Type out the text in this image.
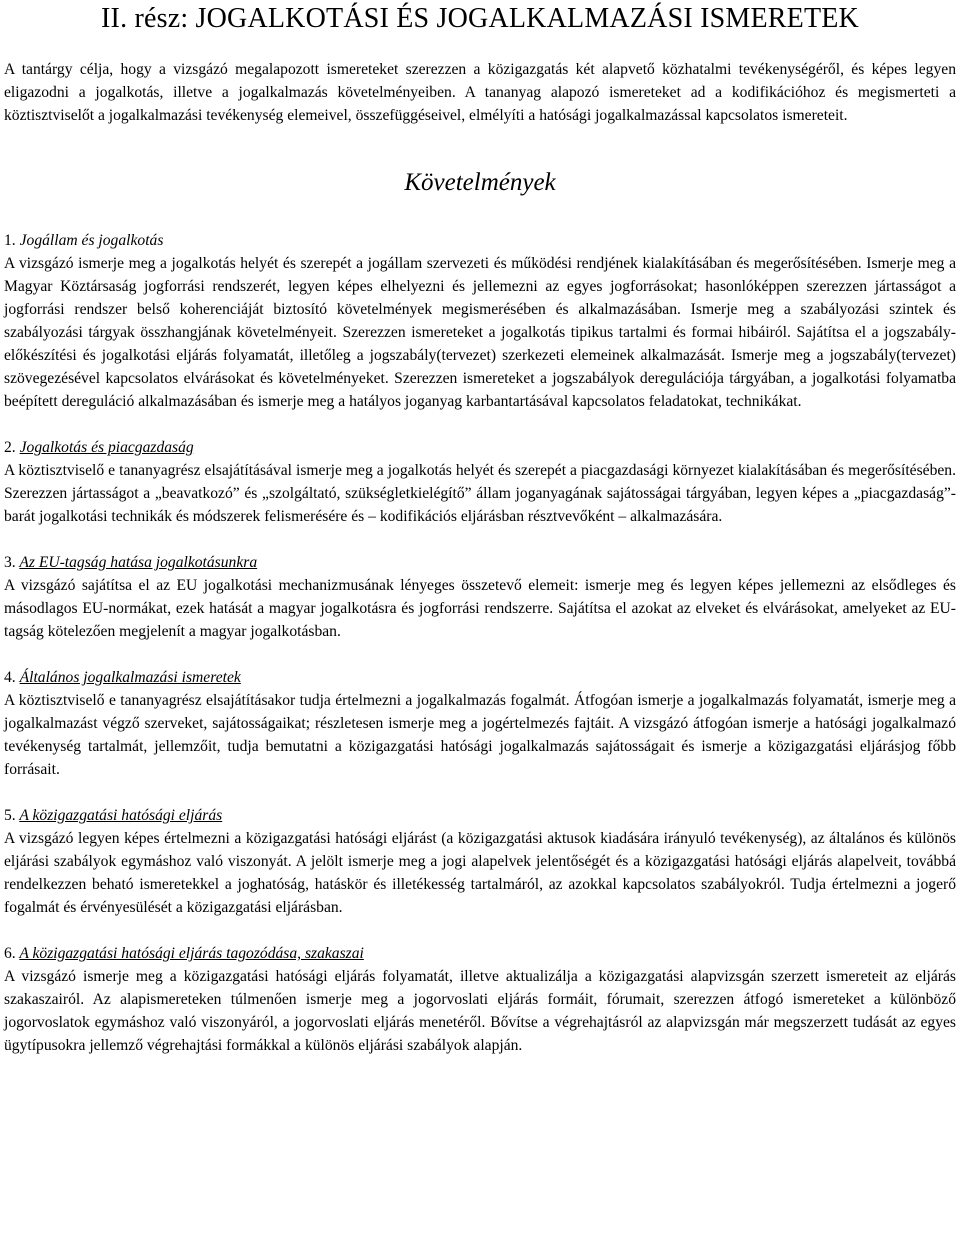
II. rész: JOGALKOTÁSI ÉS JOGALKALMAZÁSI ISMERETEK

A tantárgy célja, hogy a vizsgázó megalapozott ismereteket szerezzen a közigazgatás két alapvető közhatalmi tevékenységéről, és képes legyen eligazodni a jogalkotás, illetve a jogalkalmazás követelményeiben. A tananyag alapozó ismereteket ad a kodifikációhoz és megismerteti a köztisztviselőt a jogalkalmazási tevékenység elemeivel, összefüggéseivel, elmélyíti a hatósági jogalkalmazással kapcsolatos ismereteit.

Követelmények
1. Jogállam és jogalkotás

A vizsgázó ismerje meg a jogalkotás helyét és szerepét a jogállam szervezeti és működési rendjének kialakításában és megerősítésében. Ismerje meg a Magyar Köztársaság jogforrási rendszerét, legyen képes elhelyezni és jellemezni az egyes jogforrásokat; hasonlóképpen szerezzen jártasságot a jogforrási rendszer belső koherenciáját biztosító követelmények megismerésében és alkalmazásában. Ismerje meg a szabályozási szintek és szabályozási tárgyak összhangjának követelményeit. Szerezzen ismereteket a jogalkotás tipikus tartalmi és formai hibáiról. Sajátítsa el a jogszabály-előkészítési és jogalkotási eljárás folyamatát, illetőleg a jogszabály(tervezet) szerkezeti elemeinek alkalmazását. Ismerje meg a jogszabály(tervezet) szövegezésével kapcsolatos elvárásokat és követelményeket. Szerezzen ismereteket a jogszabályok deregulációja tárgyában, a jogalkotási folyamatba beépített dereguláció alkalmazásában és ismerje meg a hatályos joganyag karbantartásával kapcsolatos feladatokat, technikákat.

2. Jogalkotás és piacgazdaság

A köztisztviselő e tananyagrész elsajátításával ismerje meg a jogalkotás helyét és szerepét a piacgazdasági környezet kialakításában és megerősítésében. Szerezzen jártasságot a „beavatkozó” és „szolgáltató, szükségletkielégítő” állam joganyagának sajátosságai tárgyában, legyen képes a „piacgazdaság”-barát jogalkotási technikák és módszerek felismerésére és – kodifikációs eljárásban résztvevőként – alkalmazására.

3. Az EU-tagság hatása jogalkotásunkra

A vizsgázó sajátítsa el az EU jogalkotási mechanizmusának lényeges összetevő elemeit: ismerje meg és legyen képes jellemezni az elsődleges és másodlagos EU-normákat, ezek hatását a magyar jogalkotásra és jogforrási rendszerre. Sajátítsa el azokat az elveket és elvárásokat, amelyeket az EU-tagság kötelezően megjelenít a magyar jogalkotásban.

4. Általános jogalkalmazási ismeretek

A köztisztviselő e tananyagrész elsajátításakor tudja értelmezni a jogalkalmazás fogalmát. Átfogóan ismerje a jogalkalmazás folyamatát, ismerje meg a jogalkalmazást végző szerveket, sajátosságaikat; részletesen ismerje meg a jogértelmezés fajtáit. A vizsgázó átfogóan ismerje a hatósági jogalkalmazó tevékenység tartalmát, jellemzőit, tudja bemutatni a közigazgatási hatósági jogalkalmazás sajátosságait és ismerje a közigazgatási eljárásjog főbb forrásait.

5. A közigazgatási hatósági eljárás

A vizsgázó legyen képes értelmezni a közigazgatási hatósági eljárást (a közigazgatási aktusok kiadására irányuló tevékenység), az általános és különös eljárási szabályok egymáshoz való viszonyát. A jelölt ismerje meg a jogi alapelvek jelentőségét és a közigazgatási hatósági eljárás alapelveit, továbbá rendelkezzen beható ismeretekkel a joghatóság, hatáskör és illetékesség tartalmáról, az azokkal kapcsolatos szabályokról. Tudja értelmezni a jogerő fogalmát és érvényesülését a közigazgatási eljárásban.

6. A közigazgatási hatósági eljárás tagozódása, szakaszai

A vizsgázó ismerje meg a közigazgatási hatósági eljárás folyamatát, illetve aktualizálja a közigazgatási alapvizsgán szerzett ismereteit az eljárás szakaszairól. Az alapismereteken túlmenően ismerje meg a jogorvoslati eljárás formáit, fórumait, szerezzen átfogó ismereteket a különböző jogorvoslatok egymáshoz való viszonyáról, a jogorvoslati eljárás menetéről. Bővítse a végrehajtásról az alapvizsgán már megszerzett tudását az egyes ügytípusokra jellemző végrehajtási formákkal a különös eljárási szabályok alapján.
